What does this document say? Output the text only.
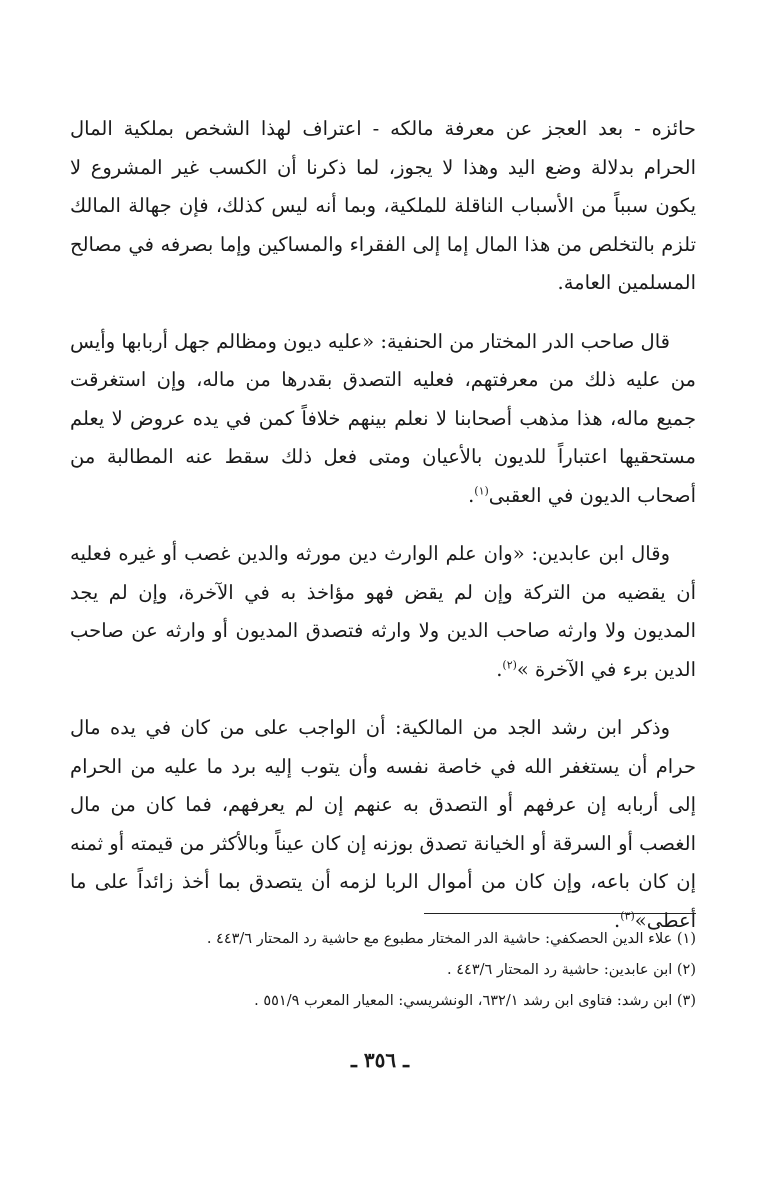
حائزه - بعد العجز عن معرفة مالكه - اعتراف لهذا الشخص بملكية المال الحرام بدلالة وضع اليد وهذا لا يجوز، لما ذكرنا أن الكسب غير المشروع لا يكون سبباً من الأسباب الناقلة للملكية، وبما أنه ليس كذلك، فإن جهالة المالك تلزم بالتخلص من هذا المال إما إلى الفقراء والمساكين وإما بصرفه في مصالح المسلمين العامة.

قال صاحب الدر المختار من الحنفية: «عليه ديون ومظالم جهل أربابها وأيس من عليه ذلك من معرفتهم، فعليه التصدق بقدرها من ماله، وإن استغرقت جميع ماله، هذا مذهب أصحابنا لا نعلم بينهم خلافاً كمن في يده عروض لا يعلم مستحقيها اعتباراً للديون بالأعيان ومتى فعل ذلك سقط عنه المطالبة من أصحاب الديون في العقبى$^{(١)}$.

وقال ابن عابدين: «وان علم الوارث دين مورثه والدين غصب أو غيره فعليه أن يقضيه من التركة وإن لم يقض فهو مؤاخذ به في الآخرة، وإن لم يجد المديون ولا وارثه صاحب الدين ولا وارثه فتصدق المديون أو وارثه عن صاحب الدين برء في الآخرة »$^{(٢)}$.

وذكر ابن رشد الجد من المالكية: أن الواجب على من كان في يده مال حرام أن يستغفر الله في خاصة نفسه وأن يتوب إليه برد ما عليه من الحرام إلى أربابه إن عرفهم أو التصدق به عنهم إن لم يعرفهم، فما كان من مال الغصب أو السرقة أو الخيانة تصدق بوزنه إن كان عيناً وبالأكثر من قيمته أو ثمنه إن كان باعه، وإن كان من أموال الربا لزمه أن يتصدق بما أخذ زائداً على ما أعطى»$^{(٣)}$.

(١) علاء الدين الحصكفي: حاشية الدر المختار مطبوع مع حاشية رد المحتار ٤٤٣/٦ .

(٢) ابن عابدين: حاشية رد المحتار ٤٤٣/٦ .

(٣) ابن رشد: فتاوى ابن رشد ٦٣٢/١، الونشريسي: المعيار المعرب ٥٥١/٩ .

ـ ٣٥٦ ـ
